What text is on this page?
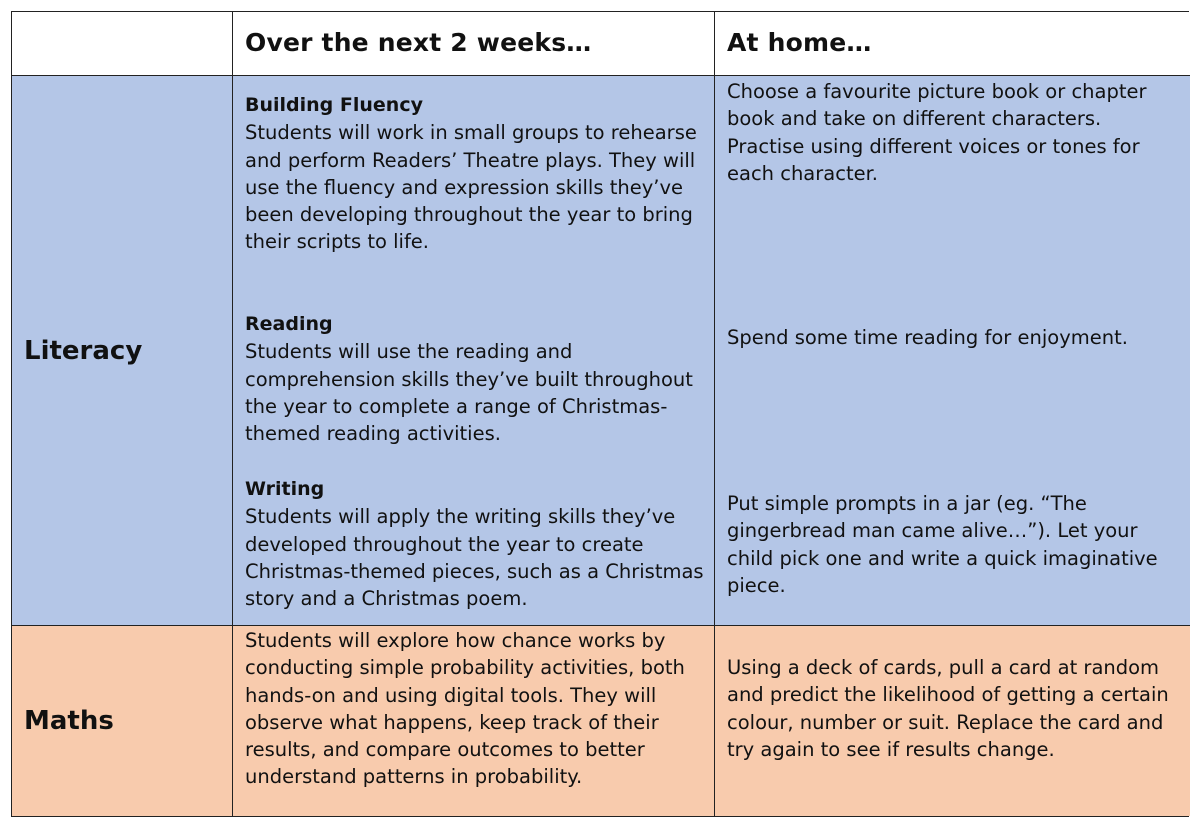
Over the next 2 weeks…	At home…
Literacy
Building Fluency
Students will work in small groups to rehearse and perform Readers’ Theatre plays. They will use the fluency and expression skills they’ve been developing throughout the year to bring their scripts to life.
Reading
Students will use the reading and comprehension skills they’ve built throughout the year to complete a range of Christmas-themed reading activities.
Writing
Students will apply the writing skills they’ve developed throughout the year to create Christmas-themed pieces, such as a Christmas story and a Christmas poem.
Choose a favourite picture book or chapter book and take on different characters. Practise using different voices or tones for each character.
Spend some time reading for enjoyment.
Put simple prompts in a jar (eg. “The gingerbread man came alive…”). Let your child pick one and write a quick imaginative piece.
Maths
Students will explore how chance works by conducting simple probability activities, both hands-on and using digital tools. They will observe what happens, keep track of their results, and compare outcomes to better understand patterns in probability.
Using a deck of cards, pull a card at random and predict the likelihood of getting a certain colour, number or suit. Replace the card and try again to see if results change.
